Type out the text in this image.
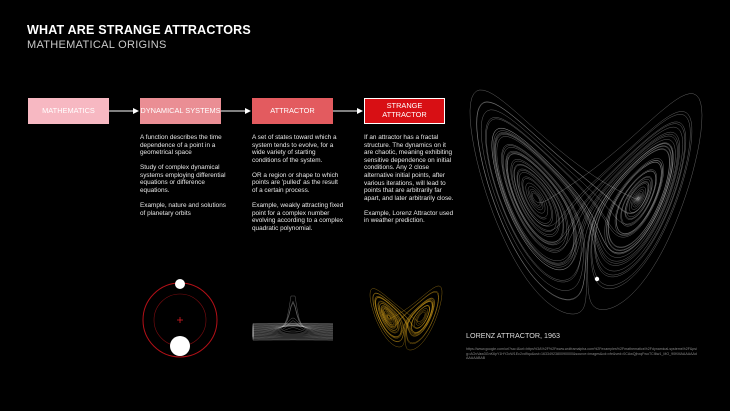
WHAT ARE STRANGE ATTRACTORS
MATHEMATICAL ORIGINS
MATHEMATICS	DYNAMICAL SYSTEMS	ATTRACTOR	STRANGE ATTRACTOR

A function describes the time dependence of a point in a geometrical space

Study of complex dynamical systems employing differential equations or difference equations.

Example, nature and solutions of planetary orbits

A set of states toward which a system tends to evolve, for a wide variety of starting conditions of the system.

OR a region or shape to which points are 'pulled' as the result of a certain process.

Example, weakly attracting fixed point for a complex number evolving according to a complex quadratic polynomial.

If an attractor has a fractal structure. The dynamics on it are chaotic, meaning exhibiting sensitive dependence on initial conditions. Any 2 close alternative initial points, after various iterations, will lead to points that are arbitrarily far apart, and later arbitrarily close.

Example, Lorenz Attractor used in weather prediction.

LORENZ ATTRACTOR, 1963
https://www.google.com/url?sa=i&url=https%3A%2F%2Fwww.wolframalpha.com%2Fexamples%2Fmathematics%2Fdynamical-systems%2F&psig=AOvVaw3GnK6pY1HY2oW1Ec2vd9qu&ust=1633492380090000&source=images&cd=vfe&ved=0CAwQjhxqFwoTCI6w1_MO_90KMAAAAAAdAAAAABAB
